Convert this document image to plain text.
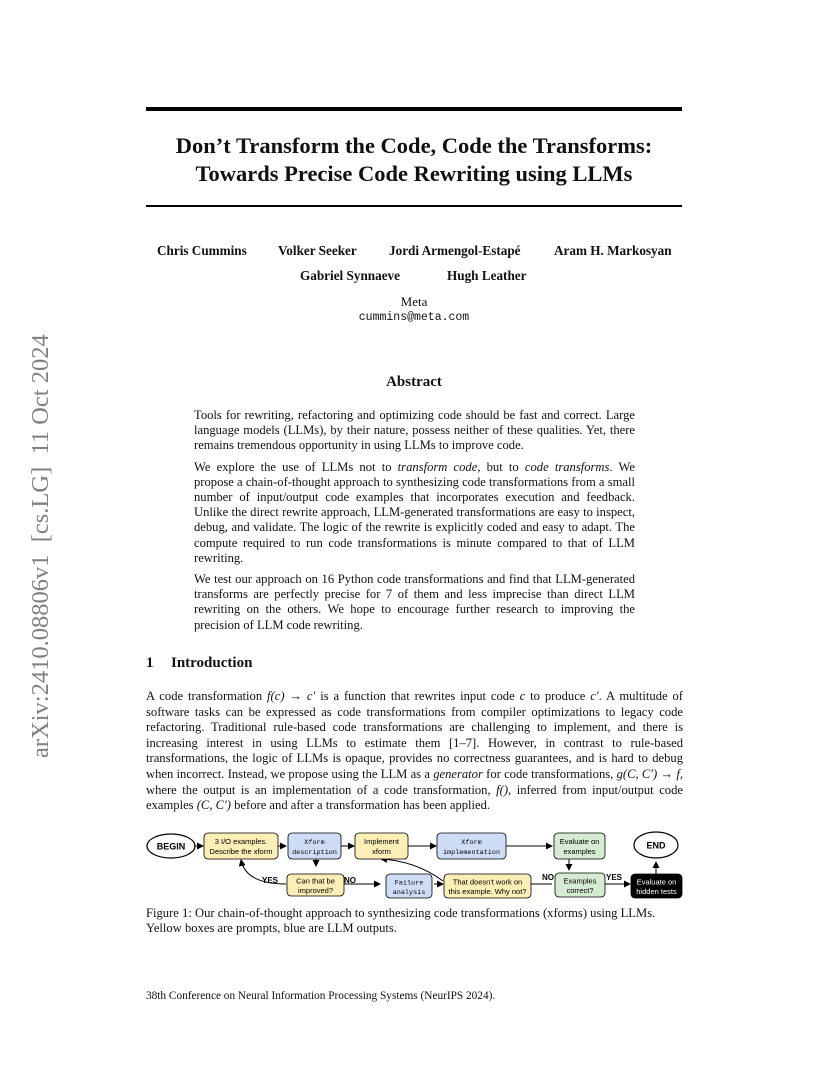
arXiv:2410.08806v1  [cs.LG]  11 Oct 2024
Don’t Transform the Code, Code the Transforms:
Towards Precise Code Rewriting using LLMs
Chris Cummins Volker Seeker Jordi Armengol-Estapé	Aram H. Markosyan
Gabriel Synnaeve	Hugh Leather
Meta
cummins@meta.com
Abstract

Tools for rewriting, refactoring and optimizing code should be fast and correct. Large language models (LLMs), by their nature, possess neither of these qualities. Yet, there remains tremendous opportunity in using LLMs to improve code.

We explore the use of LLMs not to transform code, but to code transforms. We propose a chain-of-thought approach to synthesizing code transformations from a small number of input/output code examples that incorporates execution and feedback. Unlike the direct rewrite approach, LLM-generated transformations are easy to inspect, debug, and validate. The logic of the rewrite is explicitly coded and easy to adapt. The compute required to run code transformations is minute compared to that of LLM rewriting.

We test our approach on 16 Python code transformations and find that LLM-generated transforms are perfectly precise for 7 of them and less imprecise than direct LLM rewriting on the others. We hope to encourage further research to improving the precision of LLM code rewriting.

1 Introduction

A code transformation f(c) → c′ is a function that rewrites input code c to produce c′. A multitude of software tasks can be expressed as code transformations from compiler optimizations to legacy code refactoring. Traditional rule-based code transformations are challenging to implement, and there is increasing interest in using LLMs to estimate them [1–7]. However, in contrast to rule-based transformations, the logic of LLMs is opaque, provides no correctness guarantees, and is hard to debug when incorrect. Instead, we propose using the LLM as a generator for code transformations, g(C, C′) → f, where the output is an implementation of a code transformation, f(), inferred from input/output code examples (C, C′) before and after a transformation has been applied.

BEGIN	3 I/O examples.
Describe the xform
Xform
description
Implement
xform
Xform
implementation
Evaluate on
examples
END
Can that be
improved?
YES	NO	Failure
analysis
That doesn't work on
this example. Why not?
Examples
correct?
NO	YES Evaluate on
hidden tests

Figure 1: Our chain-of-thought approach to synthesizing code transformations (xforms) using LLMs. Yellow boxes are prompts, blue are LLM outputs.

38th Conference on Neural Information Processing Systems (NeurIPS 2024).
